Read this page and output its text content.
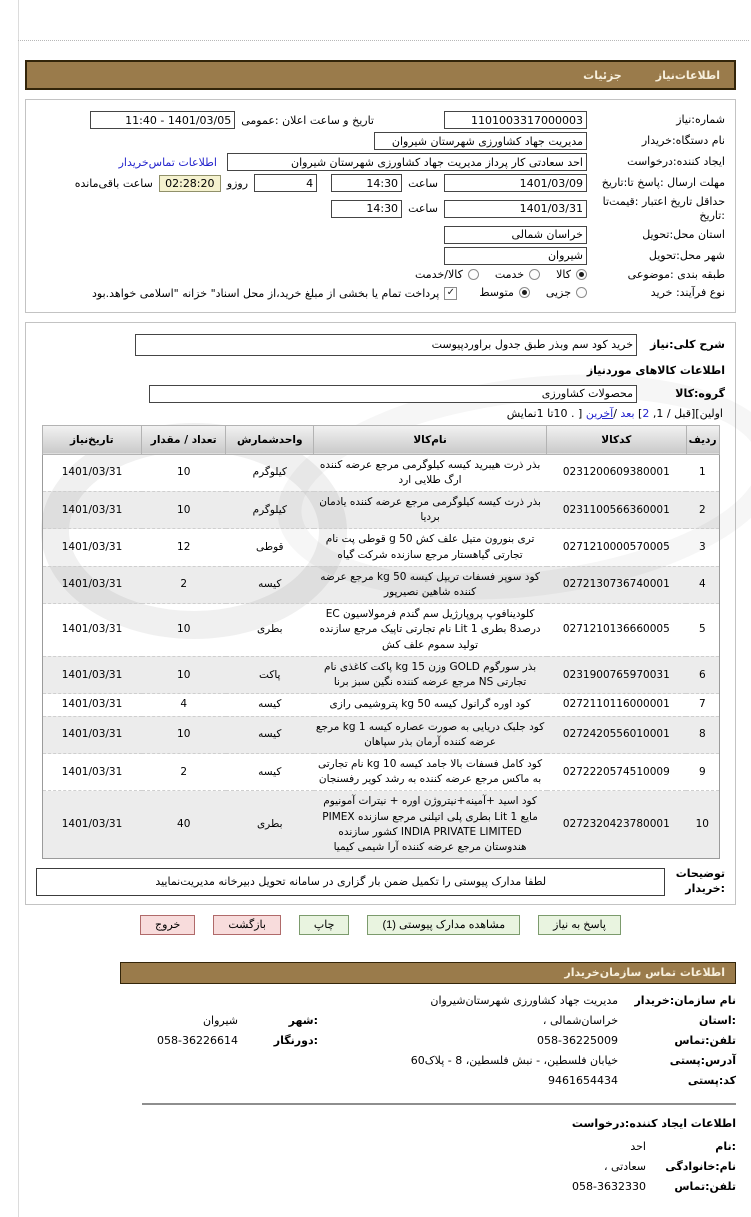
اطلاعات‌نیاز
جزئیات
شماره:نیاز
1101003317000003
تاریخ و ساعت اعلان :عمومی
1401/03/05 - 11:40
نام دستگاه:خریدار
مدیریت جهاد کشاورزی شهرستان شیروان
ایجاد کننده:درخواست
احد سعادتی کار پرداز مدیریت جهاد کشاورزی شهرستان شیروان
اطلاعات تماس‌خریدار
مهلت ارسال :پاسخ تا:تاریخ
1401/03/09
ساعت
14:30
4
روزو
02:28:20
ساعت باقی‌مانده
حداقل تاریخ اعتبار :قیمت‌تا :تاریخ
1401/03/31
ساعت
14:30
استان محل:تحویل
خراسان شمالی
شهر محل:تحویل
شیروان
طبقه بندی :موضوعی
کالا
خدمت
کالا/خدمت
نوع فرآیند: خرید
جزیی
متوسط
✓
پرداخت تمام یا بخشی از مبلغ خرید،از محل اسناد" خزانه "اسلامی خواهد.بود
شرح کلی:نیاز
خرید کود سم وبذر طبق جدول براوردپیوست
اطلاعات کالاهای موردنیاز
گروه:کالا
محصولات کشاورزی
نمایش1 تا10 . ] آخرین/ بعد [2 ,1 / قبل][اولین
ردیف	کدکالا	نام‌کالا	واحدشمارش	تعداد / مقدار	تاریخ‌نیاز
1	0231200609380001	بذر ذرت هیبرید کیسه کیلوگرمی مرجع عرضه کننده ارگ طلایی ارد	کیلوگرم	10	1401/03/31
2	0231100566360001	بذر ذرت کیسه کیلوگرمی مرجع عرضه کننده یادمان بردیا	کیلوگرم	10	1401/03/31
3	0271210000570005	تری بنورون متیل علف کش 50 g قوطی پت نام تجارتی گیاهستار مرجع سازنده شرکت گیاه	قوطی	12	1401/03/31
4	0272130736740001	کود سوپر فسفات تریپل کیسه 50 kg مرجع عرضه کننده شاهین نصیرپور	کیسه	2	1401/03/31
5	0271210136660005	کلودینافوپ پروپارژیل سم گندم فرمولاسیون EC درصد8 بطری 1 Lit نام تجارتی تاپیک مرجع سازنده تولید سموم علف کش	بطری	10	1401/03/31
6	0231900765970031	بذر سورگوم GOLD وزن 15 kg پاکت کاغذی نام تجارتی NS مرجع عرضه کننده نگین سبز برنا	پاکت	10	1401/03/31
7	0272110116000001	کود اوره گرانول کیسه 50 kg پتروشیمی رازی	کیسه	4	1401/03/31
8	0272420556010001	کود جلبک دریایی به صورت عصاره کیسه 1 kg مرجع عرضه کننده آرمان بذر سپاهان	کیسه	10	1401/03/31
9	0272220574510009	کود کامل فسفات بالا جامد کیسه 10 kg نام تجارتی به ماکس مرجع عرضه کننده به رشد کویر رفسنجان	کیسه	2	1401/03/31
10	0272320423780001	کود اسید +آمینه+نیتروژن اوره + نیترات آمونیوم مایع 1 Lit بطری پلی اتیلنی مرجع سازنده PIMEX INDIA PRIVATE LIMITED کشور سازنده هندوستان مرجع عرضه کننده آرا شیمی کیمیا	بطری	40	1401/03/31
توضیحات
:خریدار
لطفا مدارک پیوستی را تکمیل ضمن بار گزاری در سامانه تحویل دبیرخانه مدیریت‌نمایید
پاسخ به نیاز
مشاهده مدارک پیوستی (1)
چاپ
بازگشت
خروج
اطلاعات تماس سازمان‌خریدار
نام سازمان:خریدار
مدیریت جهاد کشاورزی شهرستان‌شیروان
:استان
خراسان‌شمالی ،
:شهر
شیروان
تلفن:تماس
058-36225009
:دورنگار
058-36226614
آدرس:پستی
خیابان فلسطین، - نبش فلسطین، 8 - پلاک60
کد:پستی
9461654434
اطلاعات ایجاد کننده:درخواست
:نام
احد
نام:خانوادگی
سعادتی ،
تلفن:تماس
058-3632330
